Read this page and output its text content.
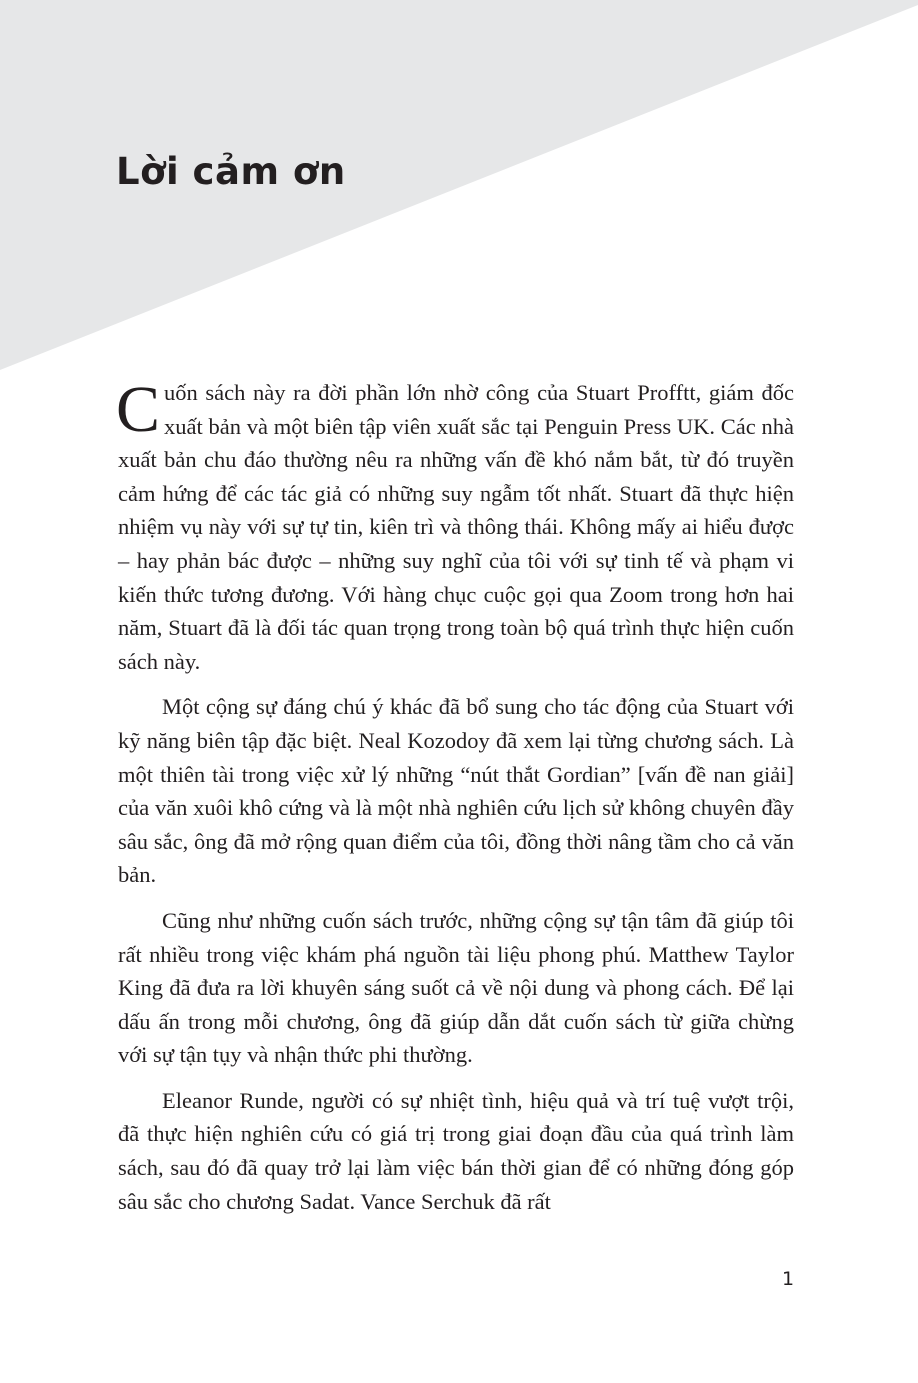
Lời cảm ơn

Cuốn sách này ra đời phần lớn nhờ công của Stuart Profftt, giám đốc xuất bản và một biên tập viên xuất sắc tại Penguin Press UK. Các nhà xuất bản chu đáo thường nêu ra những vấn đề khó nắm bắt, từ đó truyền cảm hứng để các tác giả có những suy ngẫm tốt nhất. Stuart đã thực hiện nhiệm vụ này với sự tự tin, kiên trì và thông thái. Không mấy ai hiểu được – hay phản bác được – những suy nghĩ của tôi với sự tinh tế và phạm vi kiến thức tương đương. Với hàng chục cuộc gọi qua Zoom trong hơn hai năm, Stuart đã là đối tác quan trọng trong toàn bộ quá trình thực hiện cuốn sách này.

Một cộng sự đáng chú ý khác đã bổ sung cho tác động của Stuart với kỹ năng biên tập đặc biệt. Neal Kozodoy đã xem lại từng chương sách. Là một thiên tài trong việc xử lý những “nút thắt Gordian” [vấn đề nan giải] của văn xuôi khô cứng và là một nhà nghiên cứu lịch sử không chuyên đầy sâu sắc, ông đã mở rộng quan điểm của tôi, đồng thời nâng tầm cho cả văn bản.

Cũng như những cuốn sách trước, những cộng sự tận tâm đã giúp tôi rất nhiều trong việc khám phá nguồn tài liệu phong phú. Matthew Taylor King đã đưa ra lời khuyên sáng suốt cả về nội dung và phong cách. Để lại dấu ấn trong mỗi chương, ông đã giúp dẫn dắt cuốn sách từ giữa chừng với sự tận tụy và nhận thức phi thường.

Eleanor Runde, người có sự nhiệt tình, hiệu quả và trí tuệ vượt trội, đã thực hiện nghiên cứu có giá trị trong giai đoạn đầu của quá trình làm sách, sau đó đã quay trở lại làm việc bán thời gian để có những đóng góp sâu sắc cho chương Sadat. Vance Serchuk đã rất

1
